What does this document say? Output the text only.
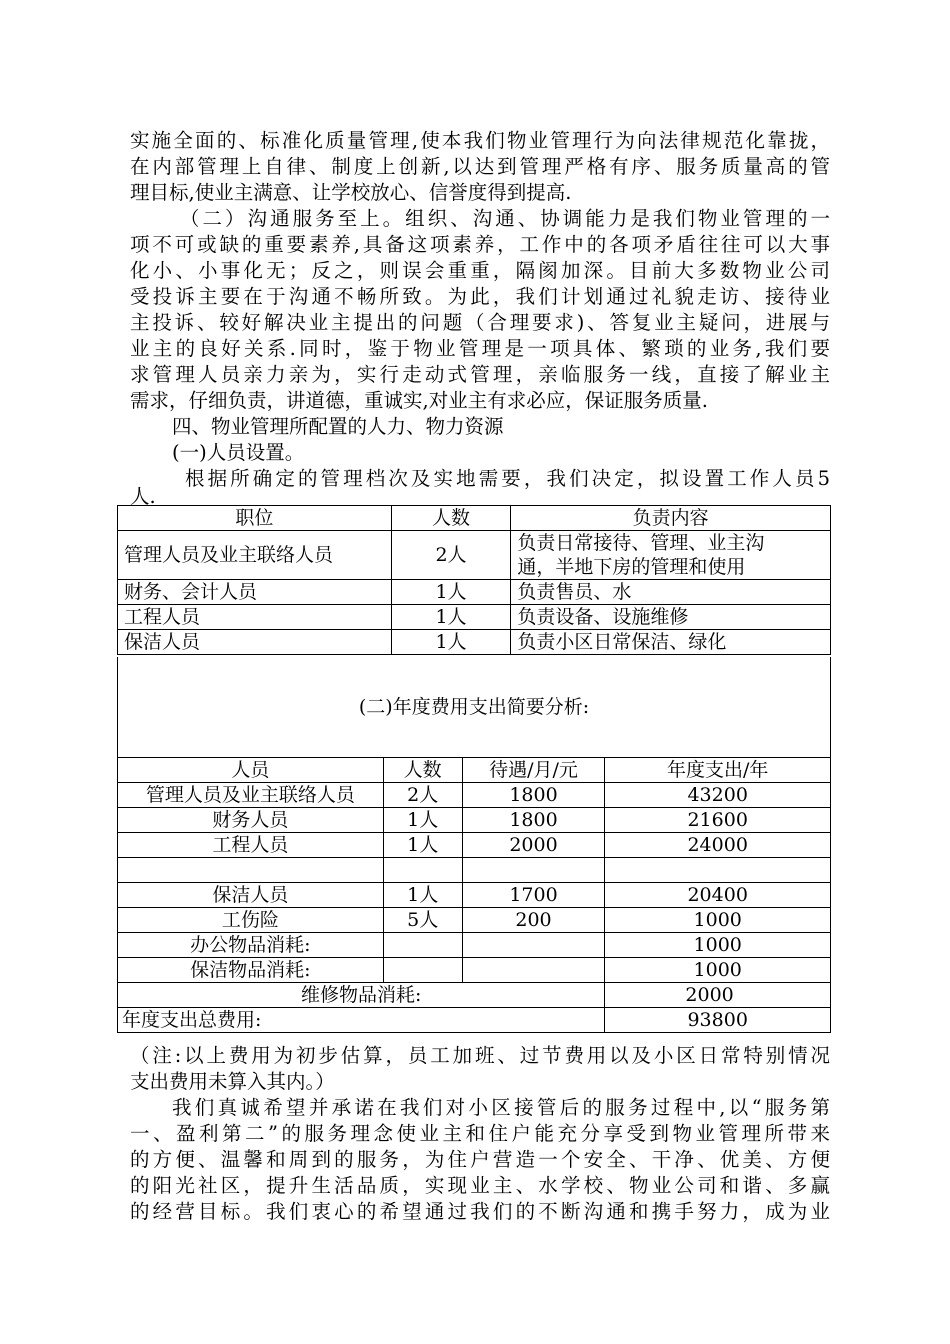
实施全面的、标准化质量管理,使本我们物业管理行为向法律规范化靠拢，
在内部管理上自律、制度上创新,以达到管理严格有序、服务质量高的管
理目标,使业主满意、让学校放心、信誉度得到提高.
（二）沟通服务至上。组织、沟通、协调能力是我们物业管理的一
项不可或缺的重要素养,具备这项素养，工作中的各项矛盾往往可以大事
化小、小事化无；反之，则误会重重，隔阂加深。目前大多数物业公司
受投诉主要在于沟通不畅所致。为此，我们计划通过礼貌走访、接待业
主投诉、较好解决业主提出的问题（合理要求)、答复业主疑问，进展与
业主的良好关系.同时，鉴于物业管理是一项具体、繁琐的业务,我们要
求管理人员亲力亲为，实行走动式管理，亲临服务一线，直接了解业主
需求，仔细负责，讲道德，重诚实,对业主有求必应，保证服务质量.
四、物业管理所配置的人力、物力资源
(一)人员设置。
根据所确定的管理档次及实地需要，我们决定，拟设置工作人员5
人.
职位	人数	负责内容
管理人员及业主联络人员	2人	负责日常接待、管理、业主沟
通，半地下房的管理和使用

财务、会计人员	1人	负责售员、水
工程人员	1人	负责设备、设施维修
保洁人员	1人	负责小区日常保洁、绿化
(二)年度费用支出简要分析:
人员	人数	待遇/月/元	年度支出/年
管理人员及业主联络人员	2人	1800	43200
财务人员	1人	1800	21600
工程人员	1人	2000	24000

保洁人员	1人	1700	20400
工伤险	5人	200	1000
办公物品消耗:			1000
保洁物品消耗:			1000
维修物品消耗:			2000
年度支出总费用:			93800
（注:以上费用为初步估算，员工加班、过节费用以及小区日常特别情况
支出费用未算入其内。）
我们真诚希望并承诺在我们对小区接管后的服务过程中,以“服务第
一、盈利第二”的服务理念使业主和住户能充分享受到物业管理所带来
的方便、温馨和周到的服务，为住户营造一个安全、干净、优美、方便
的阳光社区，提升生活品质，实现业主、水学校、物业公司和谐、多赢
的经营目标。我们衷心的希望通过我们的不断沟通和携手努力，成为业
